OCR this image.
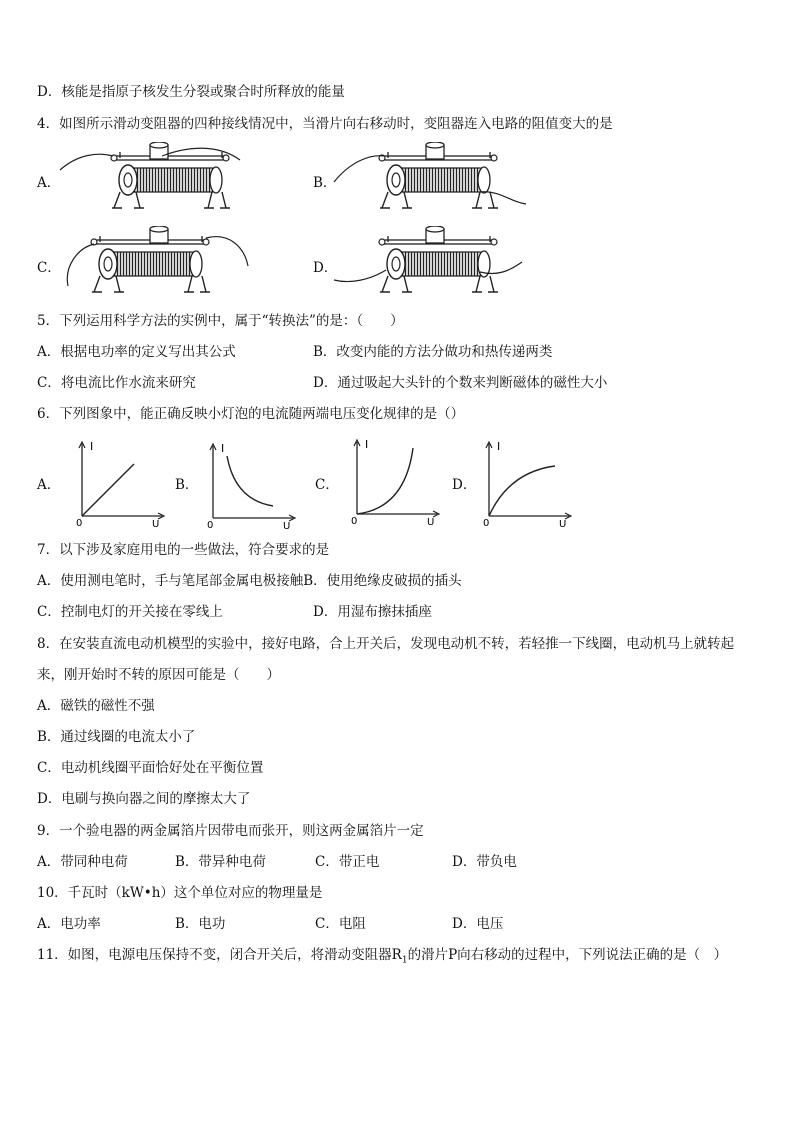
D．核能是指原子核发生分裂或聚合时所释放的能量
4．如图所示滑动变阻器的四种接线情况中，当滑片向右移动时，变阻器连入电路的阻值变大的是
A．	B．
C．	D．
5．下列运用科学方法的实例中，属于“转换法”的是：（　　）
A．根据电功率的定义写出其公式	B．改变内能的方法分做功和热传递两类
C．将电流比作水流来研究	D．通过吸起大头针的个数来判断磁体的磁性大小
6．下列图象中，能正确反映小灯泡的电流随两端电压变化规律的是（）
A．
I
0	U
B．
I
0	U
C．
I
0	U
D．
I
0	U
7．以下涉及家庭用电的一些做法，符合要求的是
A．使用测电笔时，手与笔尾部金属电极接触B．使用绝缘皮破损的插头
C．控制电灯的开关接在零线上	D．用湿布擦抹插座
8．在安装直流电动机模型的实验中，接好电路，合上开关后，发现电动机不转，若轻推一下线圈，电动机马上就转起
来，刚开始时不转的原因可能是（　　）
A．磁铁的磁性不强
B．通过线圈的电流太小了
C．电动机线圈平面恰好处在平衡位置
D．电刷与换向器之间的摩擦太大了
9．一个验电器的两金属箔片因带电而张开，则这两金属箔片一定
A．带同种电荷	B．带异种电荷	C．带正电	D．带负电
10．千瓦时（kW•h）这个单位对应的物理量是
A．电功率	B．电功	C．电阻	D．电压
11．如图，电源电压保持不变，闭合开关后，将滑动变阻器$R_1$的滑片P向右移动的过程中，下列说法正确的是（　）
